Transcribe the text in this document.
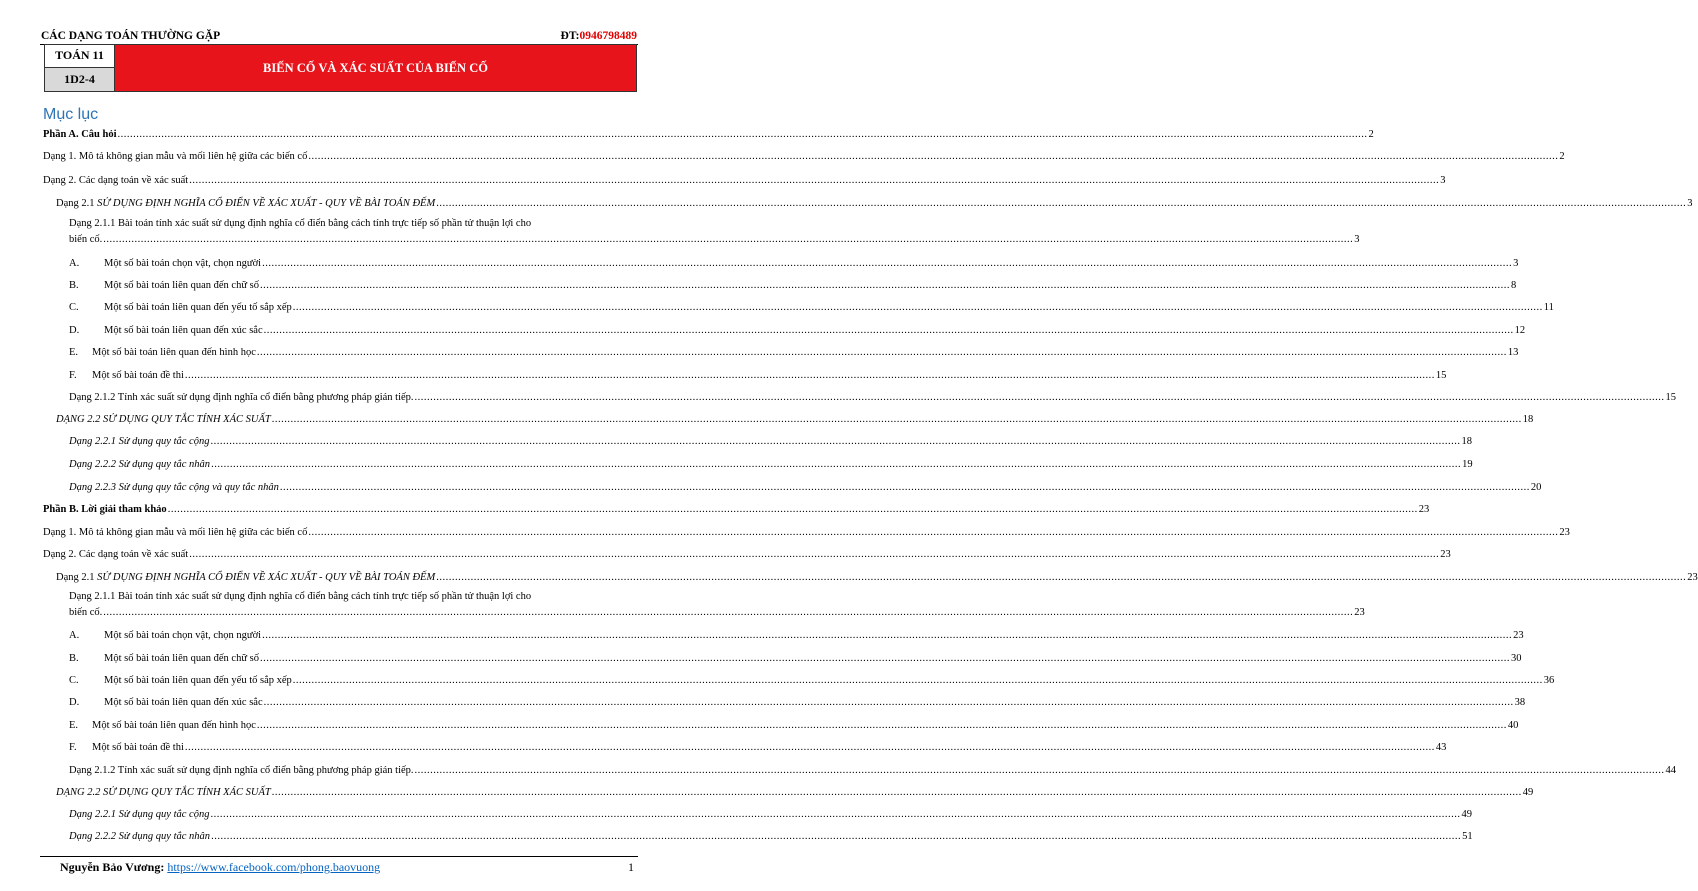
CÁC DẠNG TOÁN THƯỜNG GẶP	ĐT:0946798489
TOÁN 11
1D2-4
BIẾN CỐ VÀ XÁC SUẤT CỦA BIẾN CỐ
Mục lục
Phần A. Câu hỏi ................................................................................................................................................................................................................................................................................................................................................................................................................ 2
Dạng 1. Mô tả không gian mẫu và mối liên hệ giữa các biến cố ................................................................................................................................................................................................................................................................................................................................................................................................................ 2
Dạng 2. Các dạng toán về xác suất ................................................................................................................................................................................................................................................................................................................................................................................................................ 3
Dạng 2.1 SỬ DỤNG ĐỊNH NGHĨA CỔ ĐIỂN VỀ XÁC XUẤT - QUY VỀ BÀI TOÁN ĐẾM ................................................................................................................................................................................................................................................................................................................................................................................................................ 3
Dạng 2.1.1 Bài toán tính xác suất sử dụng định nghĩa cổ điển bằng cách tính trực tiếp số phần tử thuận lợi cho
biến cố. ................................................................................................................................................................................................................................................................................................................................................................................................................ 3
A. Một số bài toán chọn vật, chọn người ................................................................................................................................................................................................................................................................................................................................................................................................................ 3
B. Một số bài toán liên quan đến chữ số ................................................................................................................................................................................................................................................................................................................................................................................................................ 8
C. Một số bài toán liên quan đến yếu tố sắp xếp ................................................................................................................................................................................................................................................................................................................................................................................................................ 11
D. Một số bài toán liên quan đến xúc sắc ................................................................................................................................................................................................................................................................................................................................................................................................................ 12
E. Một số bài toán liên quan đến hình học ................................................................................................................................................................................................................................................................................................................................................................................................................ 13
F. Một số bài toán đề thi ................................................................................................................................................................................................................................................................................................................................................................................................................ 15
Dạng 2.1.2 Tính xác suất sử dụng định nghĩa cổ điển bằng phương pháp gián tiếp. ................................................................................................................................................................................................................................................................................................................................................................................................................ 15
DẠNG 2.2 SỬ DỤNG QUY TẮC TÍNH XÁC SUẤT ................................................................................................................................................................................................................................................................................................................................................................................................................ 18
Dạng 2.2.1 Sử dụng quy tắc cộng ................................................................................................................................................................................................................................................................................................................................................................................................................ 18
Dạng 2.2.2 Sử dụng quy tắc nhân ................................................................................................................................................................................................................................................................................................................................................................................................................ 19
Dạng 2.2.3 Sử dụng quy tắc cộng và quy tắc nhân ................................................................................................................................................................................................................................................................................................................................................................................................................ 20
Phần B. Lời giải tham khảo ................................................................................................................................................................................................................................................................................................................................................................................................................ 23
Dạng 1. Mô tả không gian mẫu và mối liên hệ giữa các biến cố ................................................................................................................................................................................................................................................................................................................................................................................................................ 23
Dạng 2. Các dạng toán về xác suất ................................................................................................................................................................................................................................................................................................................................................................................................................ 23
Dạng 2.1 SỬ DỤNG ĐỊNH NGHĨA CỔ ĐIỂN VỀ XÁC XUẤT - QUY VỀ BÀI TOÁN ĐẾM ................................................................................................................................................................................................................................................................................................................................................................................................................ 23
Dạng 2.1.1 Bài toán tính xác suất sử dụng định nghĩa cổ điển bằng cách tính trực tiếp số phần tử thuận lợi cho
biến cố. ................................................................................................................................................................................................................................................................................................................................................................................................................ 23
A. Một số bài toán chọn vật, chọn người ................................................................................................................................................................................................................................................................................................................................................................................................................ 23
B. Một số bài toán liên quan đến chữ số ................................................................................................................................................................................................................................................................................................................................................................................................................ 30
C. Một số bài toán liên quan đến yếu tố sắp xếp ................................................................................................................................................................................................................................................................................................................................................................................................................ 36
D. Một số bài toán liên quan đến xúc sắc ................................................................................................................................................................................................................................................................................................................................................................................................................ 38
E. Một số bài toán liên quan đến hình học ................................................................................................................................................................................................................................................................................................................................................................................................................ 40
F. Một số bài toán đề thi ................................................................................................................................................................................................................................................................................................................................................................................................................ 43
Dạng 2.1.2 Tính xác suất sử dụng định nghĩa cổ điển bằng phương pháp gián tiếp. ................................................................................................................................................................................................................................................................................................................................................................................................................ 44
DẠNG 2.2 SỬ DỤNG QUY TẮC TÍNH XÁC SUẤT ................................................................................................................................................................................................................................................................................................................................................................................................................ 49
Dạng 2.2.1 Sử dụng quy tắc cộng ................................................................................................................................................................................................................................................................................................................................................................................................................ 49
Dạng 2.2.2 Sử dụng quy tắc nhân ................................................................................................................................................................................................................................................................................................................................................................................................................ 51
Nguyễn Bảo Vương: https://www.facebook.com/phong.baovuong	1
